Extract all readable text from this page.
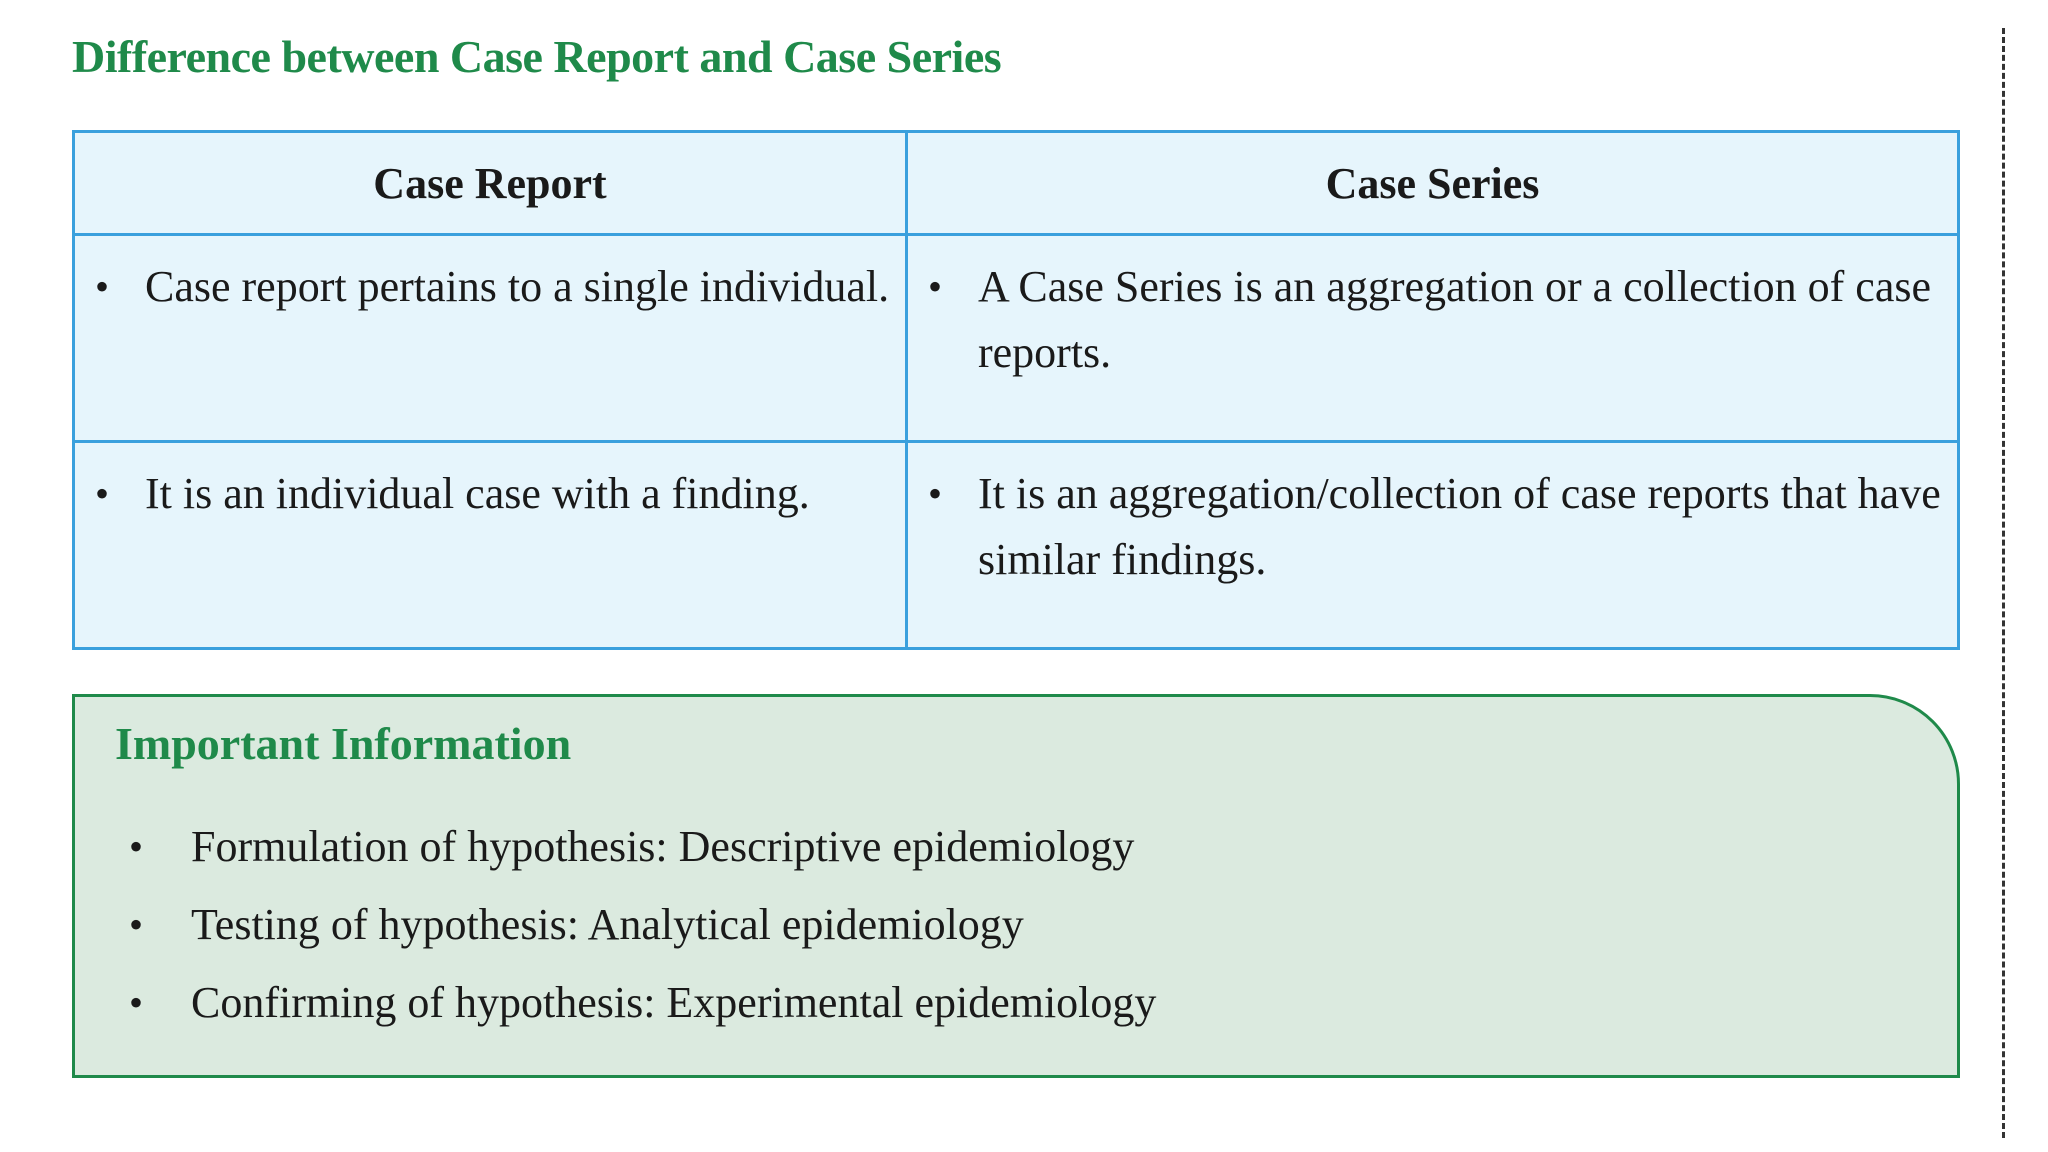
Difference between Case Report and Case Series
Case Report	Case Series

• Case report pertains to a single individual.	• A Case Series is an aggregation or a collection of case reports.

• It is an individual case with a finding.	• It is an aggregation/collection of case reports that have similar findings.
Important Information
•	Formulation of hypothesis: Descriptive epidemiology
•	Testing of hypothesis: Analytical epidemiology
•	Confirming of hypothesis: Experimental epidemiology
